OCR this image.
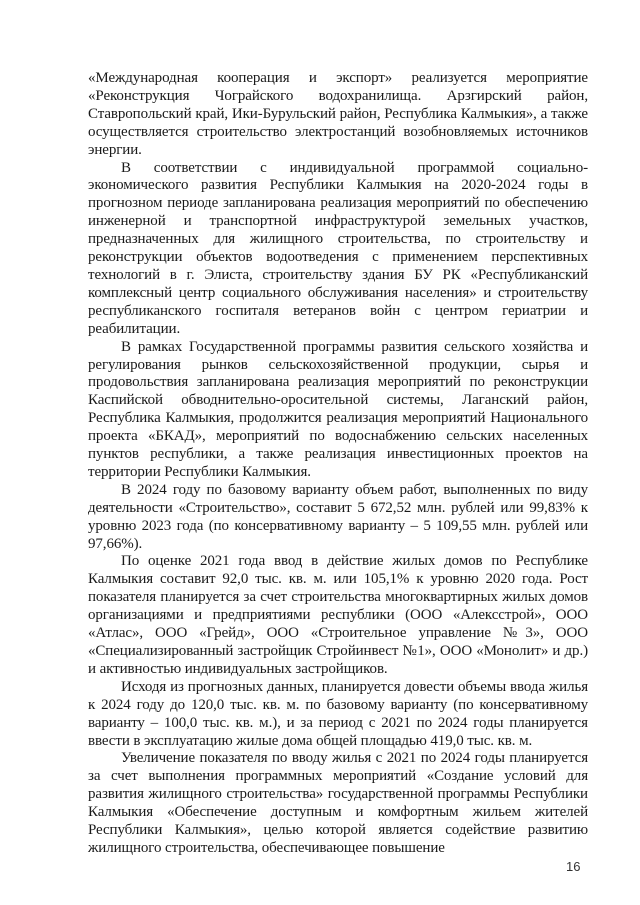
«Международная кооперация и экспорт» реализуется мероприятие «Реконструкция Чограйского водохранилища. Арзгирский район, Ставропольский край, Ики-Бурульский район, Республика Калмыкия», а также осуществляется строительство электростанций возобновляемых источников энергии.

В соответствии с индивидуальной программой социально-экономического развития Республики Калмыкия на 2020-2024 годы в прогнозном периоде запланирована реализация мероприятий по обеспечению инженерной и транспортной инфраструктурой земельных участков, предназначенных для жилищного строительства, по строительству и реконструкции объектов водоотведения с применением перспективных технологий в г. Элиста, строительству здания БУ РК «Республиканский комплексный центр социального обслуживания населения» и строительству республиканского госпиталя ветеранов войн с центром гериатрии и реабилитации.

В рамках Государственной программы развития сельского хозяйства и регулирования рынков сельскохозяйственной продукции, сырья и продовольствия запланирована реализация мероприятий по реконструкции Каспийской обводнительно-оросительной системы, Лаганский район, Республика Калмыкия, продолжится реализация мероприятий Национального проекта «БКАД», мероприятий по водоснабжению сельских населенных пунктов республики, а также реализация инвестиционных проектов на территории Республики Калмыкия.

В 2024 году по базовому варианту объем работ, выполненных по виду деятельности «Строительство», составит 5 672,52 млн. рублей или 99,83% к уровню 2023 года (по консервативному варианту – 5 109,55 млн. рублей или 97,66%).

По оценке 2021 года ввод в действие жилых домов по Республике Калмыкия составит 92,0 тыс. кв. м. или 105,1% к уровню 2020 года. Рост показателя планируется за счет строительства многоквартирных жилых домов организациями и предприятиями республики (ООО «Алексстрой», ООО «Атлас», ООО «Грейд», ООО «Строительное управление №3», ООО «Специализированный застройщик Стройинвест №1», ООО «Монолит» и др.) и активностью индивидуальных застройщиков.

Исходя из прогнозных данных, планируется довести объемы ввода жилья к 2024 году до 120,0 тыс. кв. м. по базовому варианту (по консервативному варианту – 100,0 тыс. кв. м.), и за период с 2021 по 2024 годы планируется ввести в эксплуатацию жилые дома общей площадью 419,0 тыс. кв. м.

Увеличение показателя по вводу жилья с 2021 по 2024 годы планируется за счет выполнения программных мероприятий «Создание условий для развития жилищного строительства» государственной программы Республики Калмыкия «Обеспечение доступным и комфортным жильем жителей Республики Калмыкия», целью которой является содействие развитию жилищного строительства, обеспечивающее повышение

16
